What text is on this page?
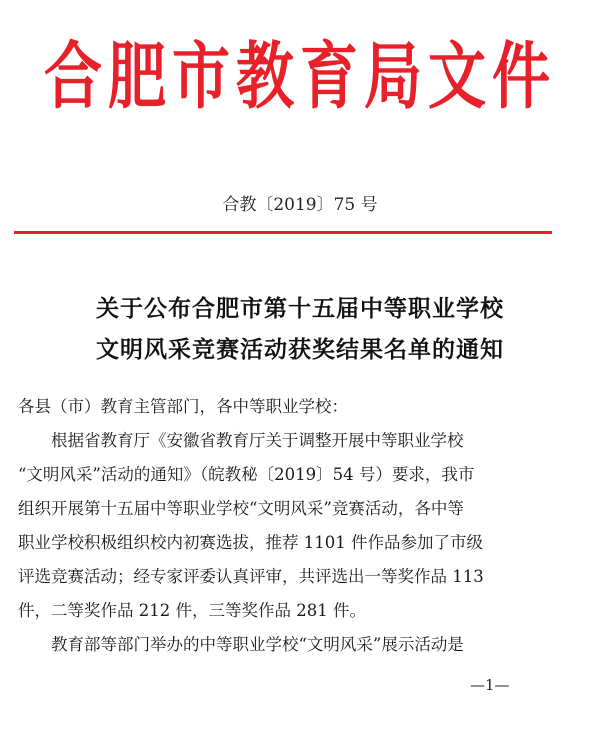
合肥市教育局文件
合教〔2019〕75 号
关于公布合肥市第十五届中等职业学校
文明风采竞赛活动获奖结果名单的通知
各县（市）教育主管部门，各中等职业学校：
根据省教育厅《安徽省教育厅关于调整开展中等职业学校
“文明风采”活动的通知》（皖教秘〔2019〕54 号）要求，我市
组织开展第十五届中等职业学校“文明风采”竞赛活动，各中等
职业学校积极组织校内初赛选拔，推荐 1101 件作品参加了市级
评选竞赛活动；经专家评委认真评审，共评选出一等奖作品 113
件，二等奖作品 212 件，三等奖作品 281 件。
教育部等部门举办的中等职业学校“文明风采”展示活动是
—1—
